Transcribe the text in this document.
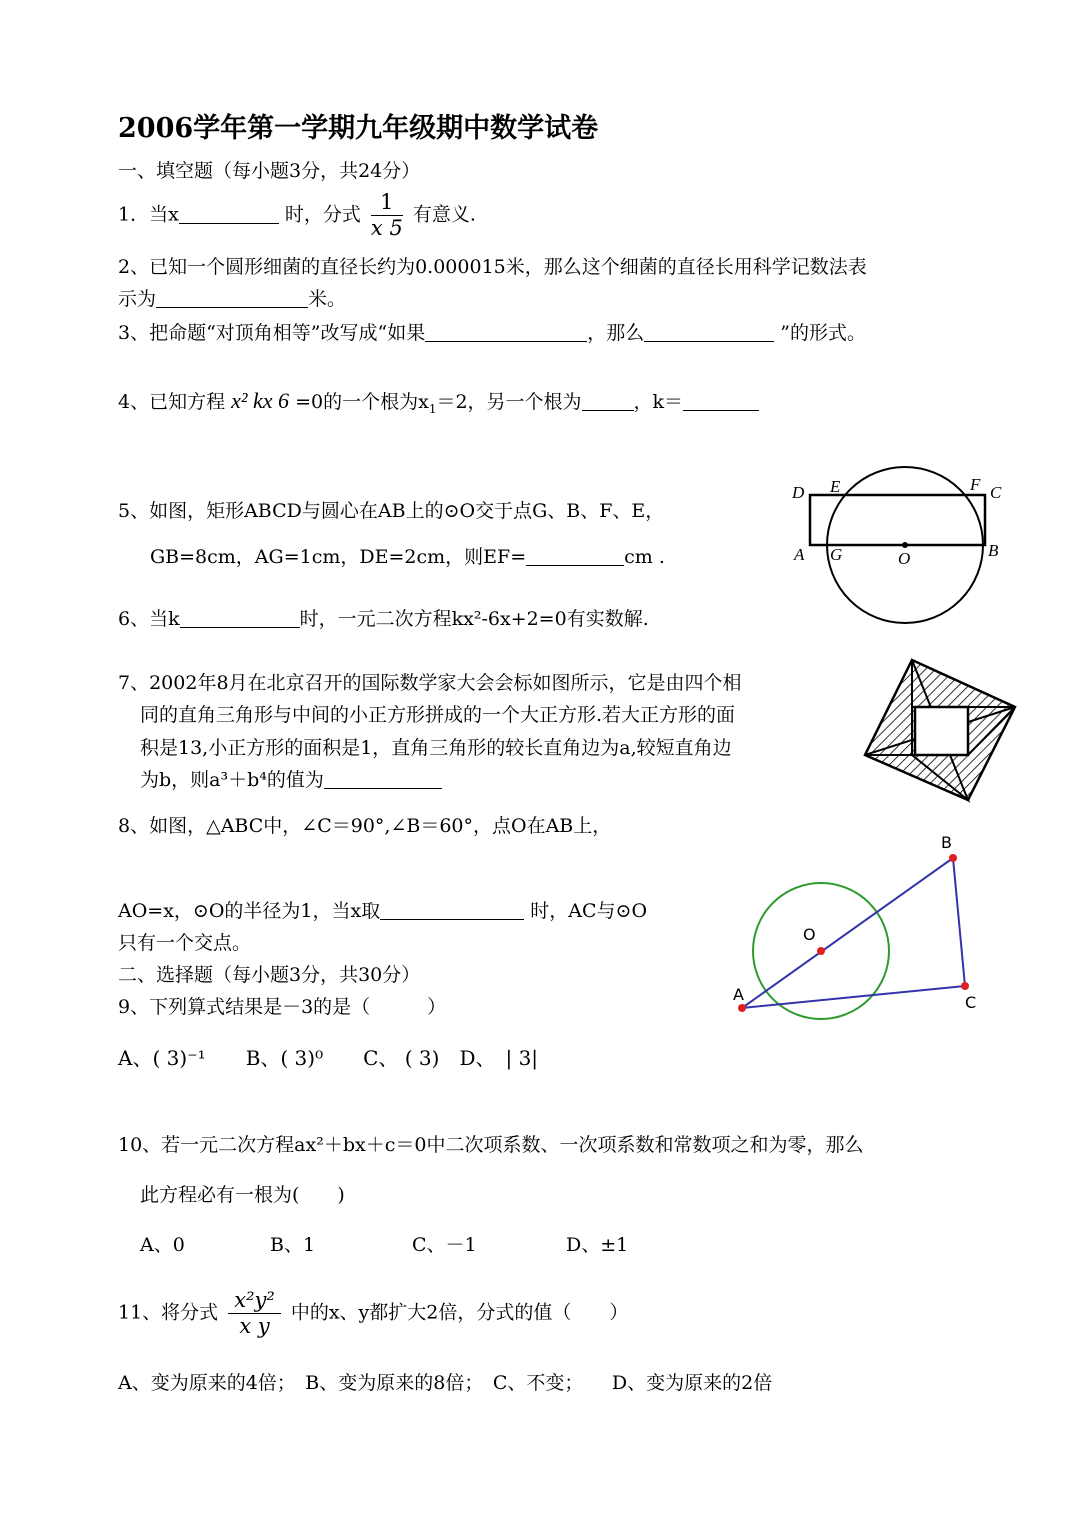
2006学年第一学期九年级期中数学试卷
一、填空题（每小题3分，共24分）
1．当x	时，分式 $\frac{1}{x 5}$ 有意义.
2、已知一个圆形细菌的直径长约为0.000015米，那么这个细菌的直径长用科学记数法表
示为	米。
3、把命题“对顶角相等”改写成“如果	，那么	”的形式。
4、已知方程 x² kx 6 =0的一个根为$x_1=2$，另一个根为	，k＝
5、如图，矩形ABCD与圆心在AB上的⊙O交于点G、B、F、E，
GB=8cm，AG=1cm，DE=2cm，则EF=	cm .
D E	F C
A G	O	B
6、当k	时，一元二次方程kx²-6x+2=0有实数解.
7、2002年8月在北京召开的国际数学家大会会标如图所示，它是由四个相
同的直角三角形与中间的小正方形拼成的一个大正方形.若大正方形的面
积是13,小正方形的面积是1，直角三角形的较长直角边为a,较短直角边
为b，则a³＋b⁴的值为
8、如图，△ABC中，∠C＝90°,∠B＝60°，点O在AB上，
AO=x，⊙O的半径为1，当x取	时，AC与⊙O
只有一个交点。
A
B
C
O
二、选择题（每小题3分，共30分）
9、下列算式结果是－3的是（　　　）
A、( 3)⁻¹　　B、( 3)⁰　　C、 ( 3)　D、　| 3|
10、若一元二次方程ax²＋bx＋c＝0中二次项系数、一次项系数和常数项之和为零，那么
此方程必有一根为(　　)
A、0	B、1	C、－1	D、±1
11、将分式 $\frac{\text{x²y²}}{\text{x y}}$ 中的x、y都扩大2倍，分式的值（　　）
A、变为原来的4倍；　B、变为原来的8倍；　C、不变；　　D、变为原来的2倍
